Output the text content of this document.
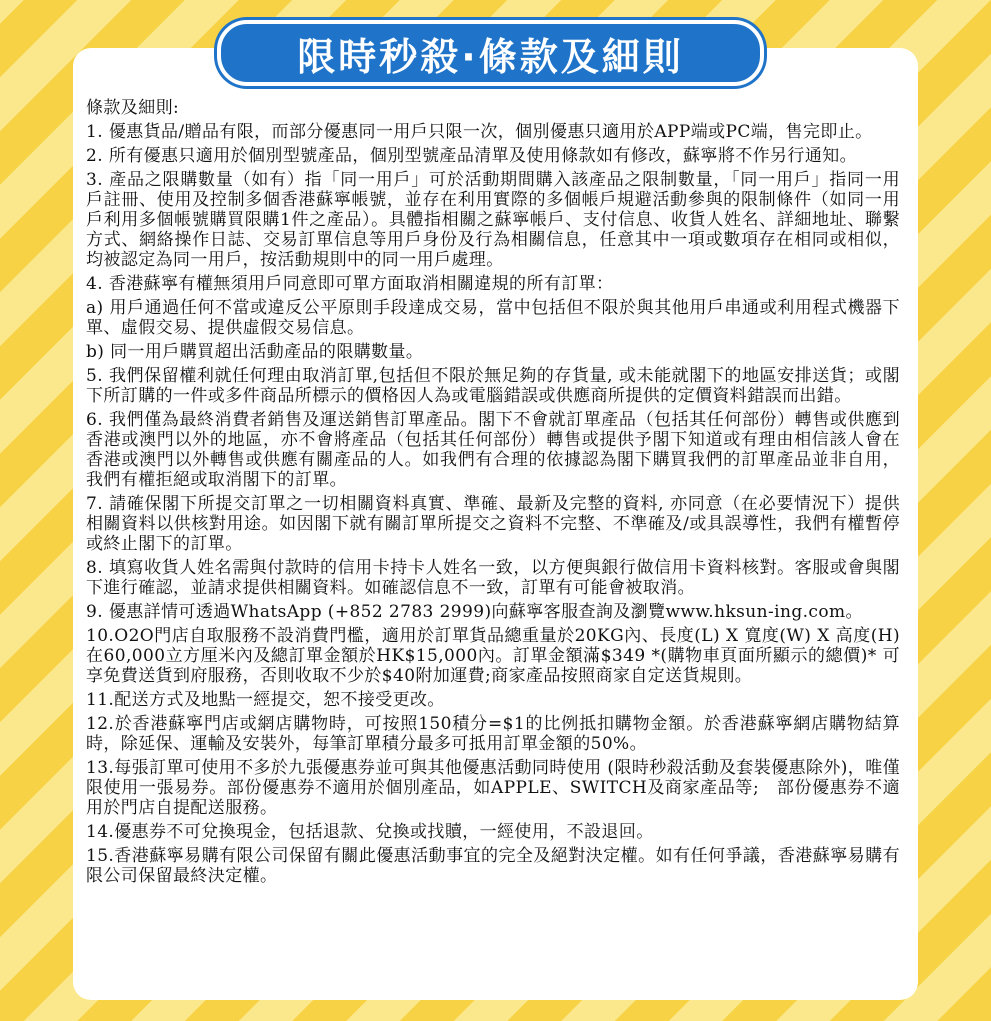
限時秒殺·條款及細則

條款及細則:

1. 優惠貨品/贈品有限，而部分優惠同一用戶只限一次，個別優惠只適用於APP端或PC端，售完即止。

2. 所有優惠只適用於個別型號產品，個別型號產品清單及使用條款如有修改，蘇寧將不作另行通知。

3. 產品之限購數量（如有）指「同一用戶」可於活動期間購入該產品之限制數量，「同一用戶」指同一用戶註冊、使用及控制多個香港蘇寧帳號，並存在利用實際的多個帳戶規避活動參與的限制條件（如同一用戶利用多個帳號購買限購1件之產品）。具體指相關之蘇寧帳戶、支付信息、收貨人姓名、詳細地址、聯繫方式、網絡操作日誌、交易訂單信息等用戶身份及行為相關信息，任意其中一項或數項存在相同或相似，均被認定為同一用戶，按活動規則中的同一用戶處理。

4. 香港蘇寧有權無須用戶同意即可單方面取消相關違規的所有訂單：

a) 用戶通過任何不當或違反公平原則手段達成交易，當中包括但不限於與其他用戶串通或利用程式機器下單、虛假交易、提供虛假交易信息。

b) 同一用戶購買超出活動產品的限購數量。

5. 我們保留權利就任何理由取消訂單,包括但不限於無足夠的存貨量, 或未能就閣下的地區安排送貨；或閣下所訂購的一件或多件商品所標示的價格因人為或電腦錯誤或供應商所提供的定價資料錯誤而出錯。

6. 我們僅為最終消費者銷售及運送銷售訂單產品。閣下不會就訂單產品（包括其任何部份）轉售或供應到香港或澳門以外的地區，亦不會將產品（包括其任何部份）轉售或提供予閣下知道或有理由相信該人會在香港或澳門以外轉售或供應有關產品的人。如我們有合理的依據認為閣下購買我們的訂單產品並非自用，我們有權拒絕或取消閣下的訂單。

7. 請確保閣下所提交訂單之一切相關資料真實、準確、最新及完整的資料, 亦同意（在必要情況下）提供相關資料以供核對用途。如因閣下就有關訂單所提交之資料不完整、不準確及/或具誤導性，我們有權暫停或終止閣下的訂單。

8. 填寫收貨人姓名需與付款時的信用卡持卡人姓名一致，以方便與銀行做信用卡資料核對。客服或會與閣下進行確認，並請求提供相關資料。如確認信息不一致，訂單有可能會被取消。

9. 優惠詳情可透過WhatsApp (+852 2783 2999)向蘇寧客服查詢及瀏覽www.hksun-ing.com。

10.O2O門店自取服務不設消費門檻，適用於訂單貨品總重量於20KG內、長度(L) X 寬度(W) X 高度(H)在60,000立方厘米內及總訂單金額於HK$15,000內。訂單金額滿$349 *(購物車頁面所顯示的總價)* 可享免費送貨到府服務，否則收取不少於$40附加運費;商家產品按照商家自定送貨規則。

11.配送方式及地點一經提交，恕不接受更改。

12.於香港蘇寧門店或網店購物時，可按照150積分=$1的比例抵扣購物金額。於香港蘇寧網店購物結算時，除延保、運輸及安裝外，每筆訂單積分最多可抵用訂單金額的50%。

13.每張訂單可使用不多於九張優惠券並可與其他優惠活動同時使用 (限時秒殺活動及套裝優惠除外)，唯僅限使用一張易券。部份優惠券不適用於個別產品，如APPLE、SWITCH及商家產品等;　部份優惠券不適用於門店自提配送服務。

14.優惠券不可兌換現金，包括退款、兌換或找贖，一經使用，不設退回。

15.香港蘇寧易購有限公司保留有關此優惠活動事宜的完全及絕對決定權。如有任何爭議，香港蘇寧易購有限公司保留最終決定權。
